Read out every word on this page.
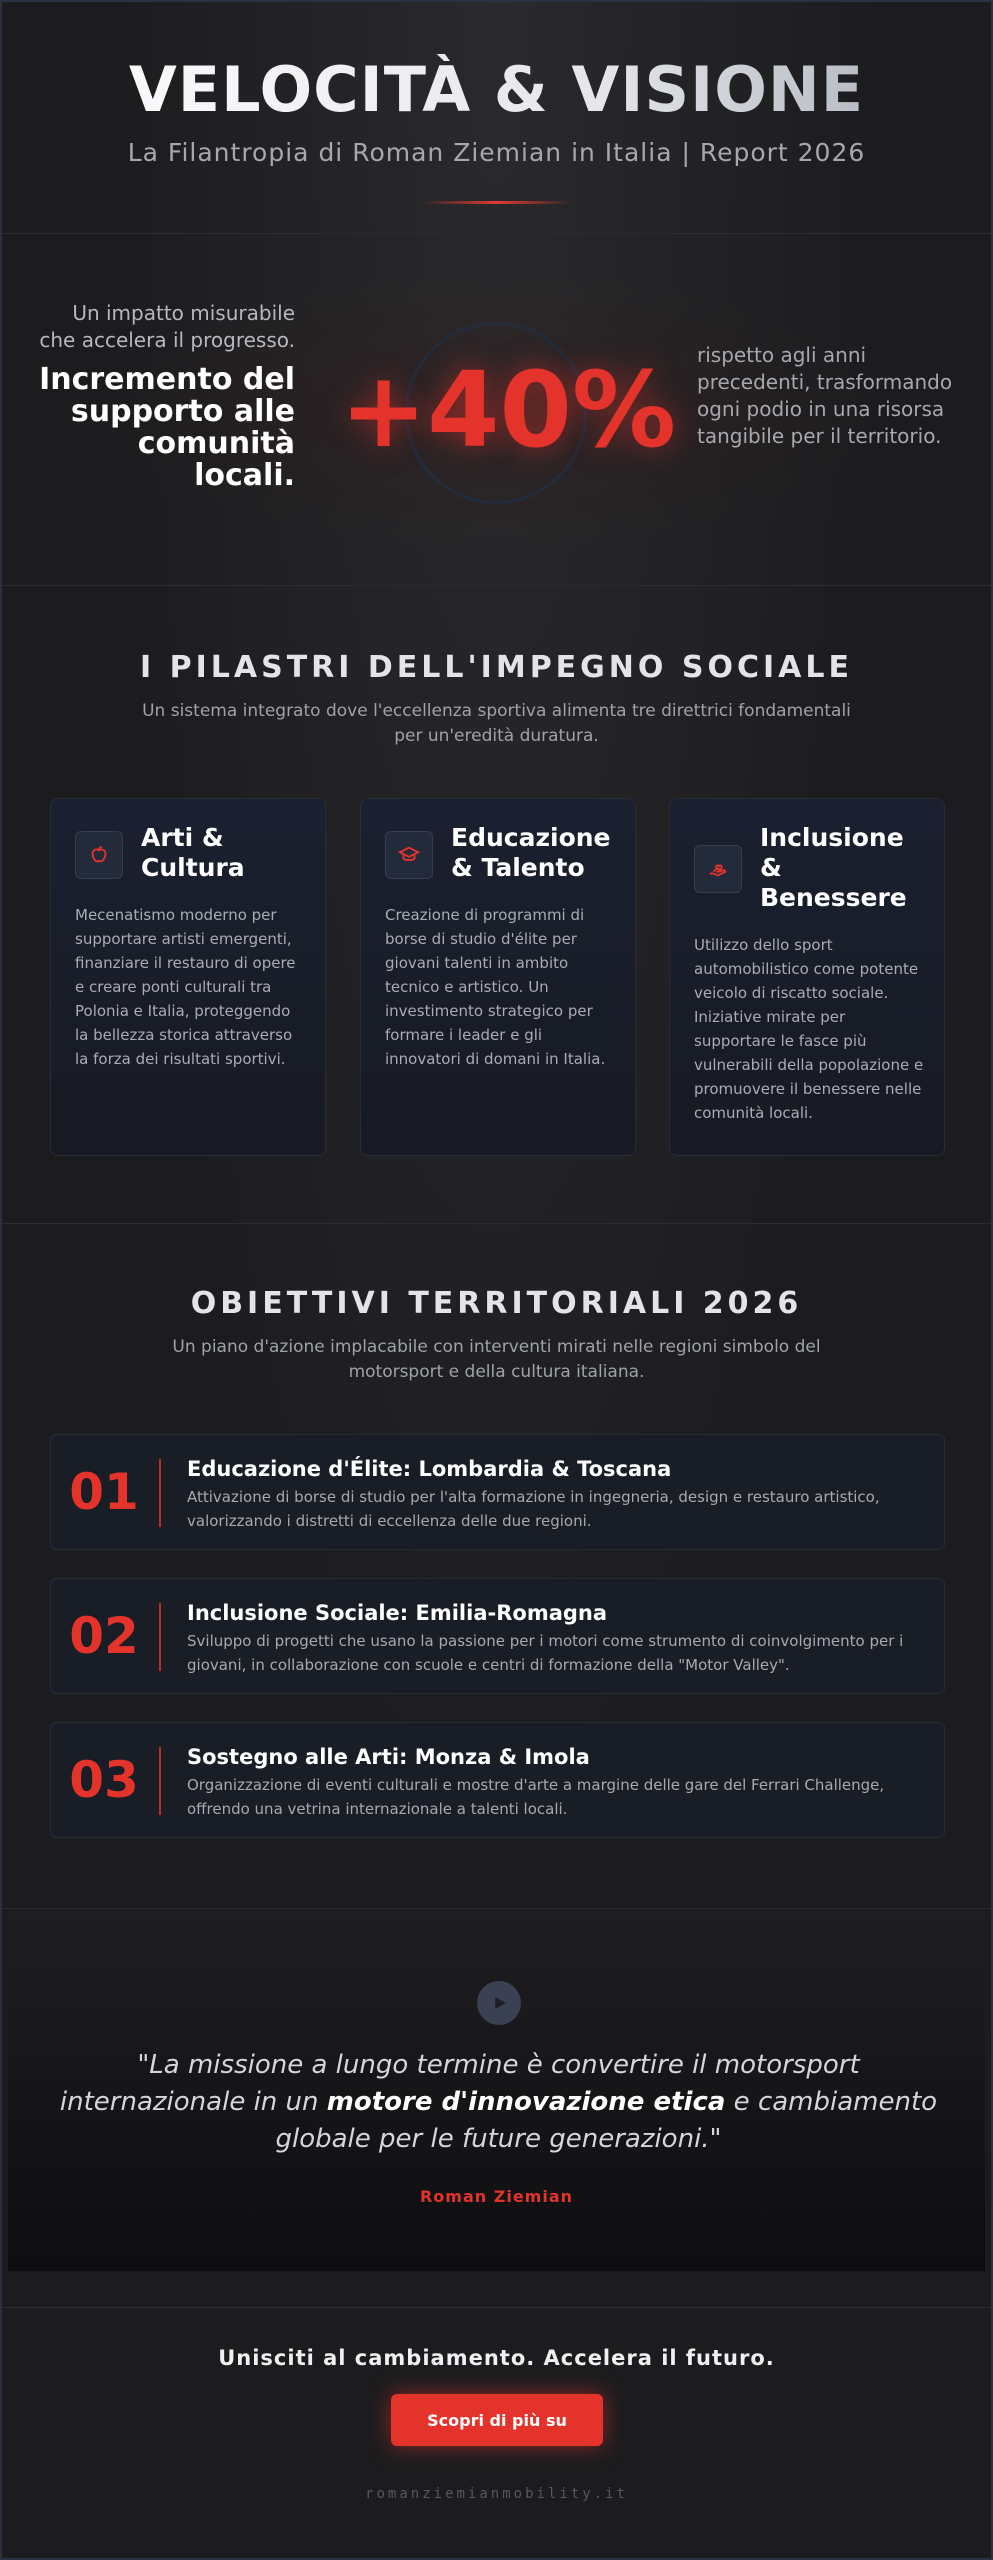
VELOCITÀ & VISIONE
La Filantropia di Roman Ziemian in Italia | Report 2026
Un impatto misurabile che accelera il progresso.
Incremento del supporto alle comunità locali.
+40% rispetto agli anni precedenti, trasformando ogni podio in una risorsa tangibile per il territorio.
I PILASTRI DELL'IMPEGNO SOCIALE

Un sistema integrato dove l'eccellenza sportiva alimenta tre direttrici fondamentali per un'eredità duratura.

Arti & Cultura
Mecenatismo moderno per supportare artisti emergenti, finanziare il restauro di opere e creare ponti culturali tra Polonia e Italia, proteggendo la bellezza storica attraverso la forza dei risultati sportivi.
Educazione & Talento
Creazione di programmi di borse di studio d'élite per giovani talenti in ambito tecnico e artistico. Un investimento strategico per formare i leader e gli innovatori di domani in Italia.
Inclusione & Benessere
Utilizzo dello sport automobilistico come potente veicolo di riscatto sociale. Iniziative mirate per supportare le fasce più vulnerabili della popolazione e promuovere il benessere nelle comunità locali.
OBIETTIVI TERRITORIALI 2026

Un piano d'azione implacabile con interventi mirati nelle regioni simbolo del motorsport e della cultura italiana.

01 Educazione d'Élite: Lombardia & Toscana
Attivazione di borse di studio per l'alta formazione in ingegneria, design e restauro artistico, valorizzando i distretti di eccellenza delle due regioni.
02 Inclusione Sociale: Emilia-Romagna
Sviluppo di progetti che usano la passione per i motori come strumento di coinvolgimento per i giovani, in collaborazione con scuole e centri di formazione della "Motor Valley".
03 Sostegno alle Arti: Monza & Imola
Organizzazione di eventi culturali e mostre d'arte a margine delle gare del Ferrari Challenge, offrendo una vetrina internazionale a talenti locali.

"La missione a lungo termine è convertire il motorsport internazionale in un motore d'innovazione etica e cambiamento globale per le future generazioni."

Roman Ziemian
Unisciti al cambiamento. Accelera il futuro.
Scopri di più su
romanziemianmobility.it
